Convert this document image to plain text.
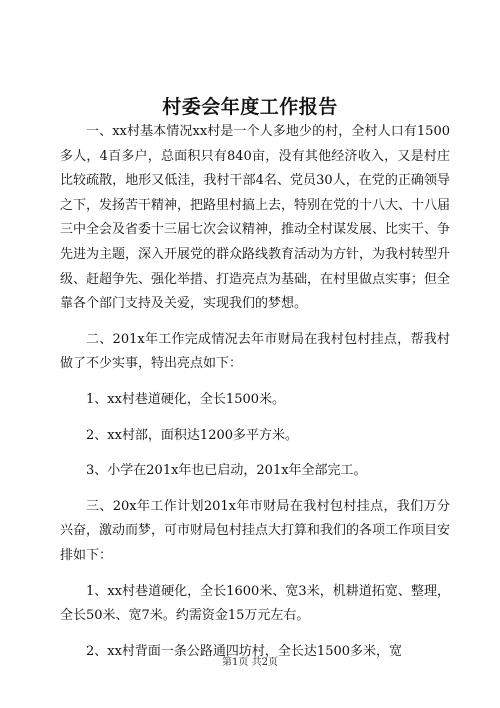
村委会年度工作报告

一、xx村基本情况xx村是一个人多地少的村，全村人口有1500多人，4百多户，总面积只有840亩，没有其他经济收入，又是村庄比较疏散，地形又低洼，我村干部4名、党员30人，在党的正确领导之下，发扬苦干精神，把路里村搞上去，特别在党的十八大、十八届三中全会及省委十三届七次会议精神，推动全村谋发展、比实干、争先进为主题，深入开展党的群众路线教育活动为方针，为我村转型升级、赶超争先、强化举措、打造亮点为基础，在村里做点实事；但全靠各个部门支持及关爱，实现我们的梦想。

二、201x年工作完成情况去年市财局在我村包村挂点，帮我村做了不少实事，特出亮点如下：

1、xx村巷道硬化，全长1500米。

2、xx村部，面积达1200多平方米。

3、小学在201x年也已启动，201x年全部完工。

三、20x年工作计划201x年市财局在我村包村挂点，我们万分兴奋，激动而梦，可市财局包村挂点大打算和我们的各项工作项目安排如下：

1、xx村巷道硬化，全长1600米、宽3米，机耕道拓宽、整理，全长50米、宽7米。约需资金15万元左右。

2、xx村背面一条公路通四坊村，全长达1500多米，宽

第1页 共2页
